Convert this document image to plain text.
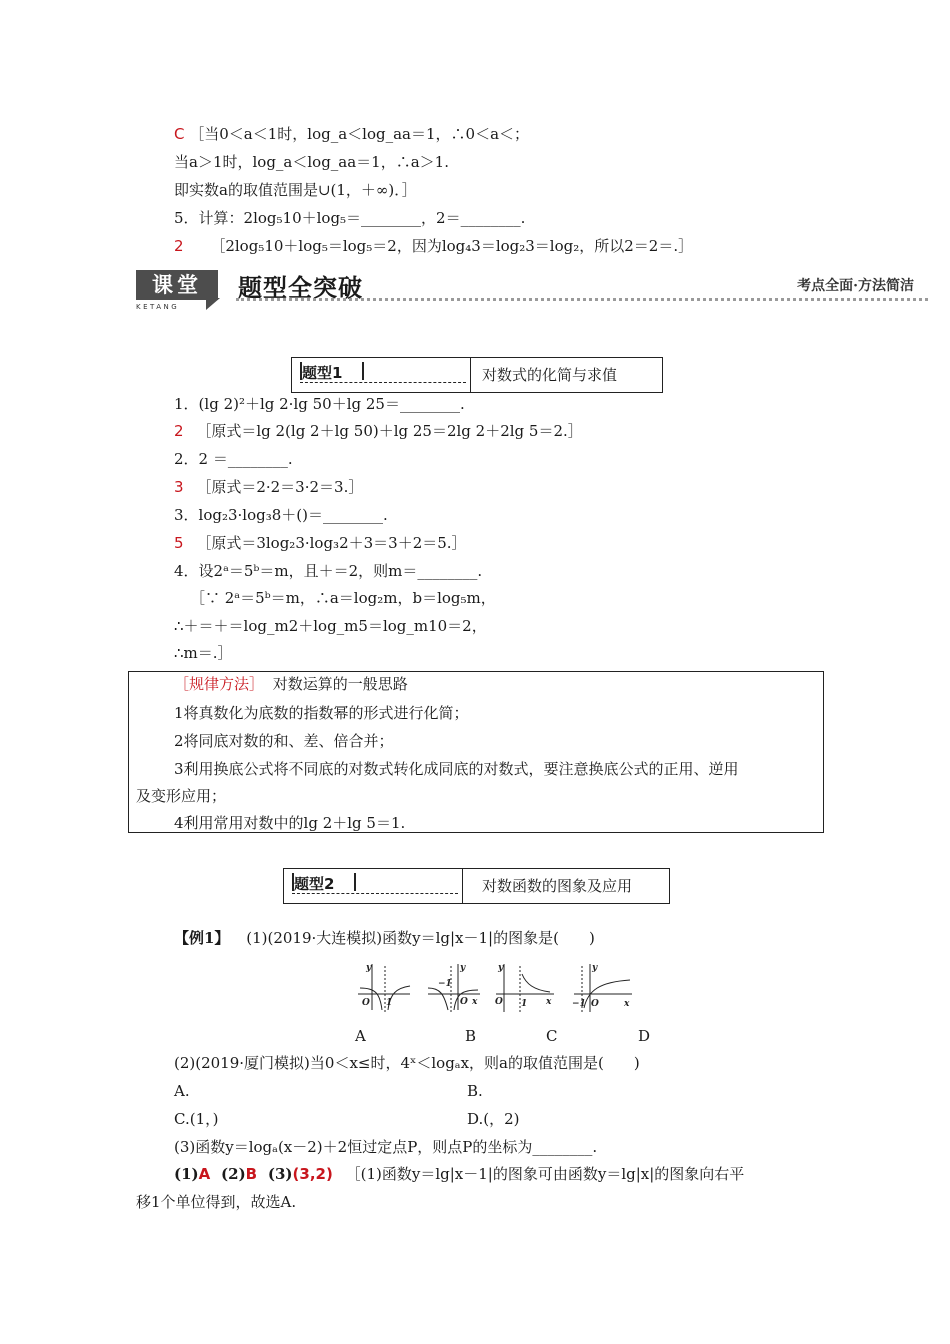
C ［当0＜a＜1时，log_a＜log_aa＝1，∴0＜a＜；
当a＞1时，log_a＜log_aa＝1，∴a＞1.
即实数a的取值范围是∪(1，＋∞)．］
5．计算：2log₅10＋log₅＝________，2＝________.
2 ［2log₅10＋log₅＝log₅＝2，因为log₄3＝log₂3＝log₂，所以2＝2＝.］
课堂
KETANG
题型全突破	考点全面·方法简洁
题型1	对数式的化简与求值
1．(lg 2)²＋lg 2·lg 50＋lg 25＝________.
2 ［原式＝lg 2(lg 2＋lg 50)＋lg 25＝2lg 2＋2lg 5＝2.］
2．2 ＝________.
3 ［原式＝2·2＝3·2＝3.］
3．log₂3·log₃8＋()＝________.
5 ［原式＝3log₂3·log₃2＋3＝3＋2＝5.］
4．设2ᵃ＝5ᵇ＝m，且＋＝2，则m＝________.
［∵ 2ᵃ＝5ᵇ＝m，∴a＝log₂m，b＝log₅m，
∴＋＝＋＝log_m2＋log_m5＝log_m10＝2，
∴m＝.］
［规律方法］ 对数运算的一般思路
1将真数化为底数的指数幂的形式进行化简；
2将同底对数的和、差、倍合并；
3利用换底公式将不同底的对数式转化成同底的对数式，要注意换底公式的正用、逆用
及变形应用；
4利用常用对数中的lg 2＋lg 5＝1.
题型2	对数函数的图象及应用
【例1】 (1)(2019·大连模拟)函数y＝lg|x－1|的图象是(　　)
y
O 1
y
−1
O x
y
O 1 x
y
−1 O	x
A	B	C	D
(2)(2019·厦门模拟)当0＜x≤时，4ˣ＜logₐx，则a的取值范围是(　　)
A.	B.
C.(1，)	D.(，2)
(3)函数y＝logₐ(x－2)＋2恒过定点P，则点P的坐标为________.
(1)A (2)B (3)(3,2) ［(1)函数y＝lg|x－1|的图象可由函数y＝lg|x|的图象向右平
移1个单位得到，故选A.
